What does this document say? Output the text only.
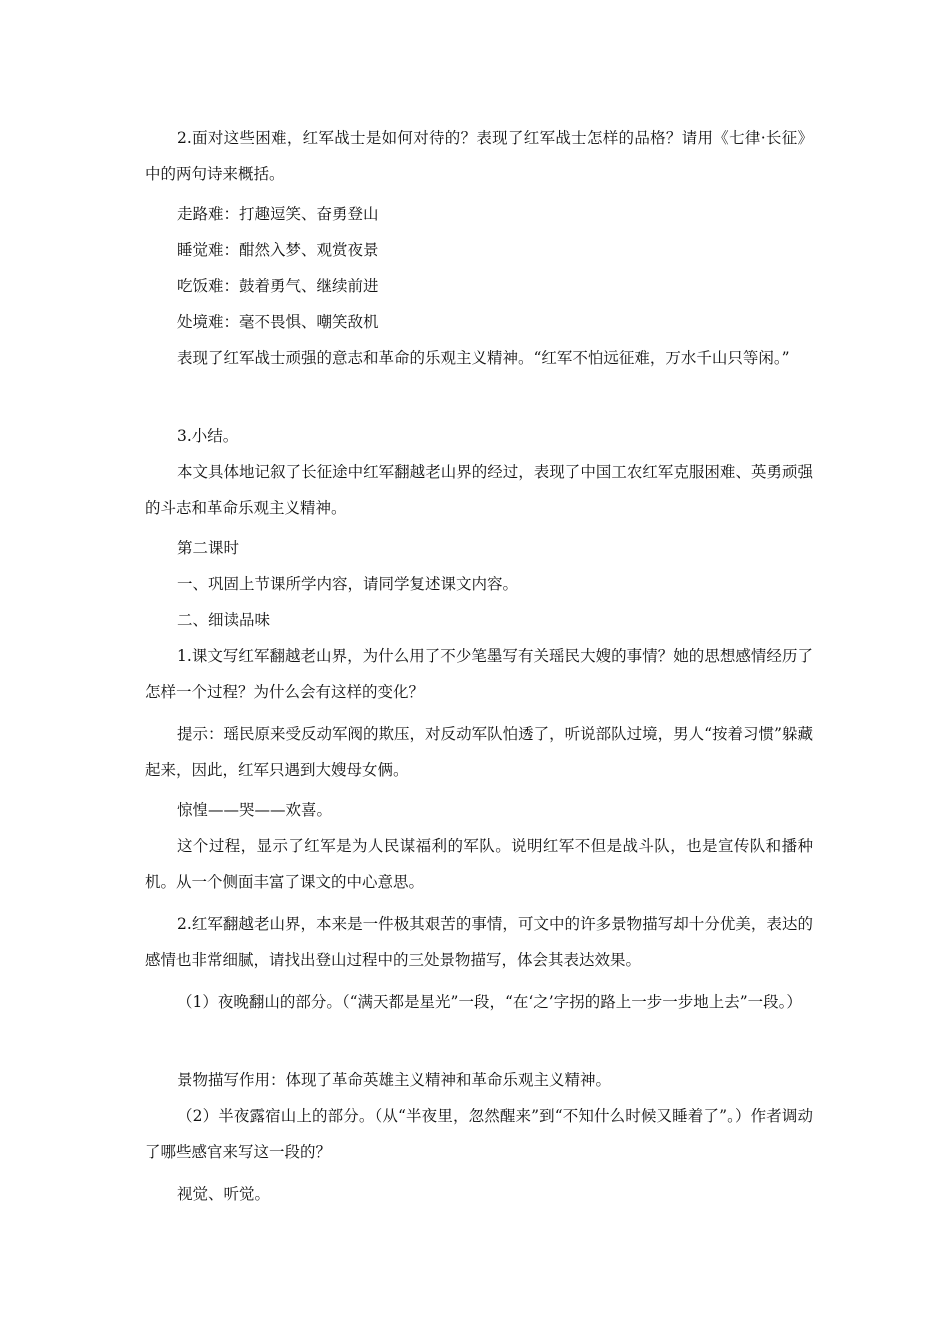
2.面对这些困难，红军战士是如何对待的？表现了红军战士怎样的品格？请用《七律·长征》中的两句诗来概括。

走路难：打趣逗笑、奋勇登山

睡觉难：酣然入梦、观赏夜景

吃饭难：鼓着勇气、继续前进

处境难：毫不畏惧、嘲笑敌机

表现了红军战士顽强的意志和革命的乐观主义精神。“红军不怕远征难，万水千山只等闲。”

3.小结。

本文具体地记叙了长征途中红军翻越老山界的经过，表现了中国工农红军克服困难、英勇顽强的斗志和革命乐观主义精神。

第二课时

一、巩固上节课所学内容，请同学复述课文内容。

二、细读品味

1.课文写红军翻越老山界，为什么用了不少笔墨写有关瑶民大嫂的事情？她的思想感情经历了怎样一个过程？为什么会有这样的变化？

提示：瑶民原来受反动军阀的欺压，对反动军队怕透了，听说部队过境，男人“按着习惯”躲藏起来，因此，红军只遇到大嫂母女俩。

惊惶——哭——欢喜。

这个过程，显示了红军是为人民谋福利的军队。说明红军不但是战斗队，也是宣传队和播种机。从一个侧面丰富了课文的中心意思。

2.红军翻越老山界，本来是一件极其艰苦的事情，可文中的许多景物描写却十分优美，表达的感情也非常细腻，请找出登山过程中的三处景物描写，体会其表达效果。

（1）夜晚翻山的部分。（“满天都是星光”一段，“在‘之’字拐的路上一步一步地上去”一段。）

景物描写作用：体现了革命英雄主义精神和革命乐观主义精神。

（2）半夜露宿山上的部分。（从“半夜里，忽然醒来”到“不知什么时候又睡着了”。）作者调动了哪些感官来写这一段的？

视觉、听觉。
